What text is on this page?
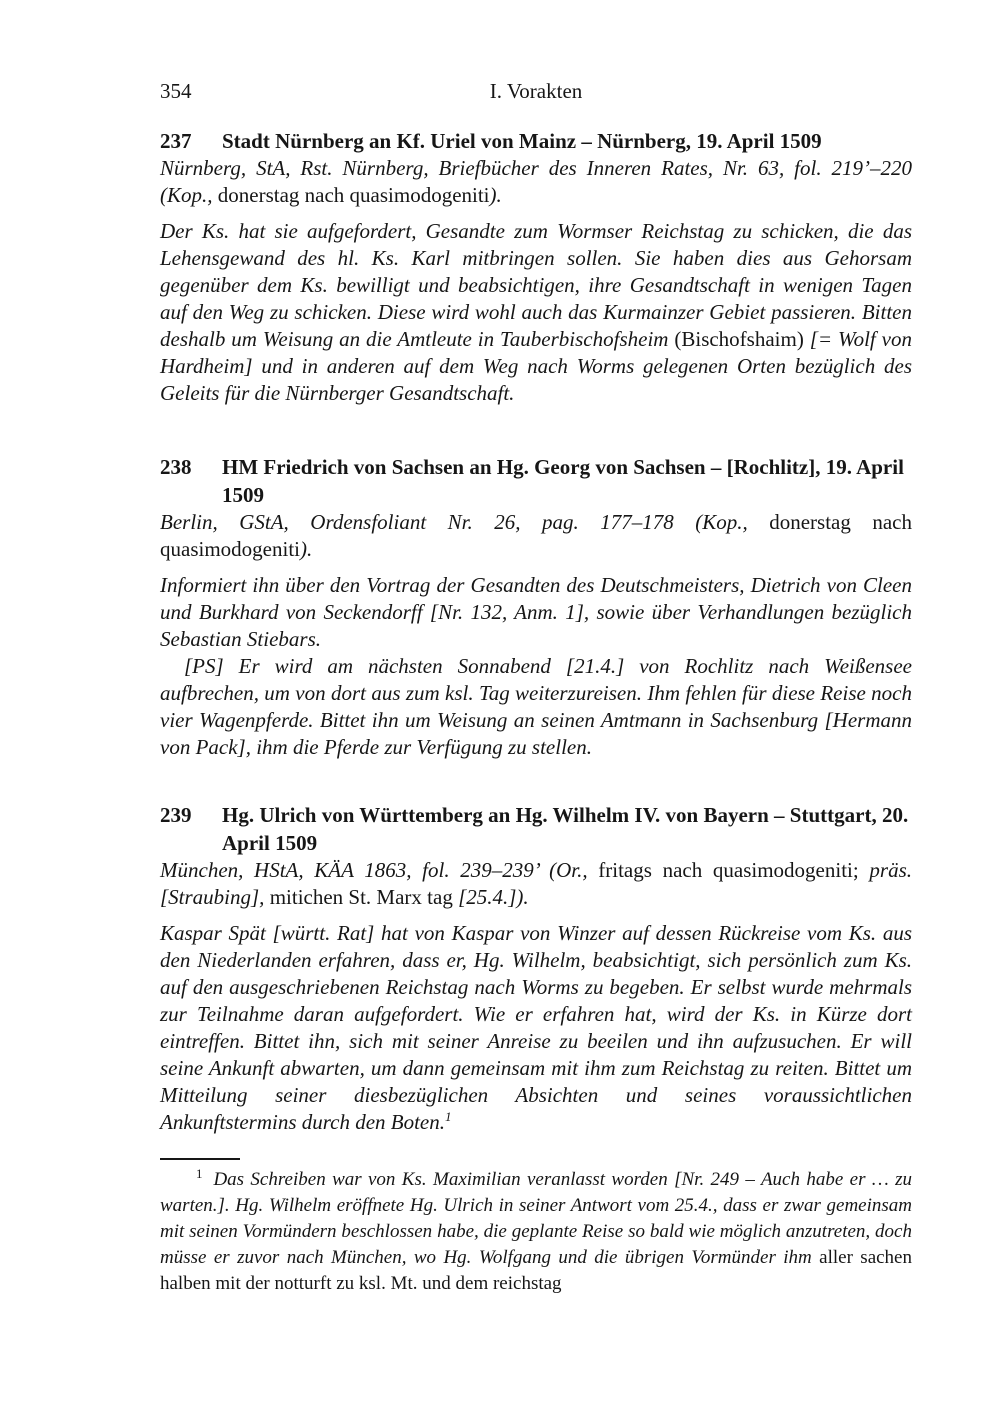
354	I. Vorakten
237	Stadt Nürnberg an Kf. Uriel von Mainz – Nürnberg, 19. April 1509

Nürnberg, StA, Rst. Nürnberg, Briefbücher des Inneren Rates, Nr. 63, fol. 219’–220 (Kop., donerstag nach quasimodogeniti).

Der Ks. hat sie aufgefordert, Gesandte zum Wormser Reichstag zu schicken, die das Lehensgewand des hl. Ks. Karl mitbringen sollen. Sie haben dies aus Gehorsam gegenüber dem Ks. bewilligt und beabsichtigen, ihre Gesandtschaft in wenigen Tagen auf den Weg zu schicken. Diese wird wohl auch das Kurmainzer Gebiet passieren. Bitten deshalb um Weisung an die Amtleute in Tauberbischofsheim (Bischofshaim) [= Wolf von Hardheim] und in anderen auf dem Weg nach Worms gelegenen Orten bezüglich des Geleits für die Nürnberger Gesandtschaft.

238	HM Friedrich von Sachsen an Hg. Georg von Sachsen – [Rochlitz], 19. April 1509

Berlin, GStA, Ordensfoliant Nr. 26, pag. 177–178 (Kop., donerstag nach quasimodogeniti).

Informiert ihn über den Vortrag der Gesandten des Deutschmeisters, Dietrich von Cleen und Burkhard von Seckendorff [Nr. 132, Anm. 1], sowie über Verhandlungen bezüglich Sebastian Stiebars.

[PS] Er wird am nächsten Sonnabend [21.4.] von Rochlitz nach Weißensee aufbrechen, um von dort aus zum ksl. Tag weiterzureisen. Ihm fehlen für diese Reise noch vier Wagenpferde. Bittet ihn um Weisung an seinen Amtmann in Sachsenburg [Hermann von Pack], ihm die Pferde zur Verfügung zu stellen.

239	Hg. Ulrich von Württemberg an Hg. Wilhelm IV. von Bayern – Stuttgart, 20. April 1509

München, HStA, KÄA 1863, fol. 239–239’ (Or., fritags nach quasimodogeniti; präs. [Straubing], mitichen St. Marx tag [25.4.]).

Kaspar Spät [württ. Rat] hat von Kaspar von Winzer auf dessen Rückreise vom Ks. aus den Niederlanden erfahren, dass er, Hg. Wilhelm, beabsichtigt, sich persönlich zum Ks. auf den ausgeschriebenen Reichstag nach Worms zu begeben. Er selbst wurde mehrmals zur Teilnahme daran aufgefordert. Wie er erfahren hat, wird der Ks. in Kürze dort eintreffen. Bittet ihn, sich mit seiner Anreise zu beeilen und ihn aufzusuchen. Er will seine Ankunft abwarten, um dann gemeinsam mit ihm zum Reichstag zu reiten. Bittet um Mitteilung seiner diesbezüglichen Absichten und seines voraussichtlichen Ankunftstermins durch den Boten.$^1$

$^1$ Das Schreiben war von Ks. Maximilian veranlasst worden [Nr. 249 – Auch habe er … zu warten.]. Hg. Wilhelm eröffnete Hg. Ulrich in seiner Antwort vom 25.4., dass er zwar gemeinsam mit seinen Vormündern beschlossen habe, die geplante Reise so bald wie möglich anzutreten, doch müsse er zuvor nach München, wo Hg. Wolfgang und die übrigen Vormünder ihm aller sachen halben mit der notturft zu ksl. Mt. und dem reichstag
